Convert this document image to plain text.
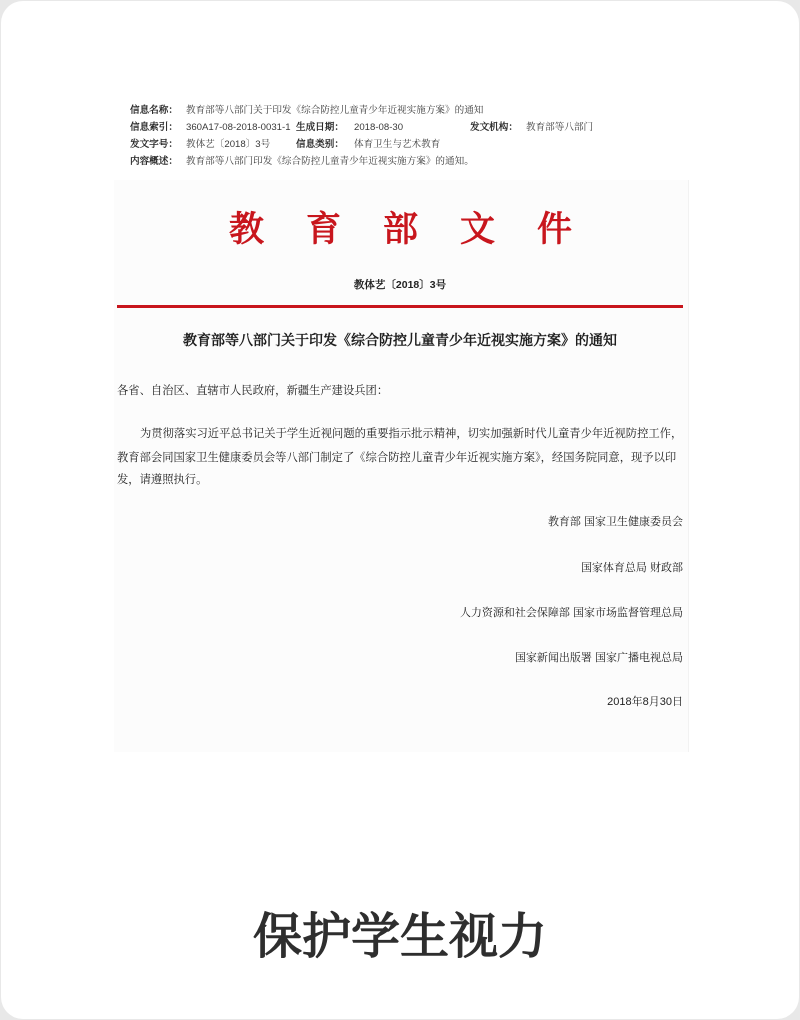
信息名称： 教育部等八部门关于印发《综合防控儿童青少年近视实施方案》的通知
信息索引： 360A17-08-2018-0031-1 生成日期： 2018-08-30	发文机构： 教育部等八部门
发文字号： 教体艺〔2018〕3号	信息类别： 体育卫生与艺术教育
内容概述： 教育部等八部门印发《综合防控儿童青少年近视实施方案》的通知。
教育部文件
教体艺〔2018〕3号
教育部等八部门关于印发《综合防控儿童青少年近视实施方案》的通知
各省、自治区、直辖市人民政府，新疆生产建设兵团：
为贯彻落实习近平总书记关于学生近视问题的重要指示批示精神，切实加强新时代儿童青少年近视防控工作，
教育部会同国家卫生健康委员会等八部门制定了《综合防控儿童青少年近视实施方案》，经国务院同意，现予以印
发，请遵照执行。
教育部 国家卫生健康委员会
国家体育总局 财政部
人力资源和社会保障部 国家市场监督管理总局
国家新闻出版署 国家广播电视总局
2018年8月30日
保护学生视力
